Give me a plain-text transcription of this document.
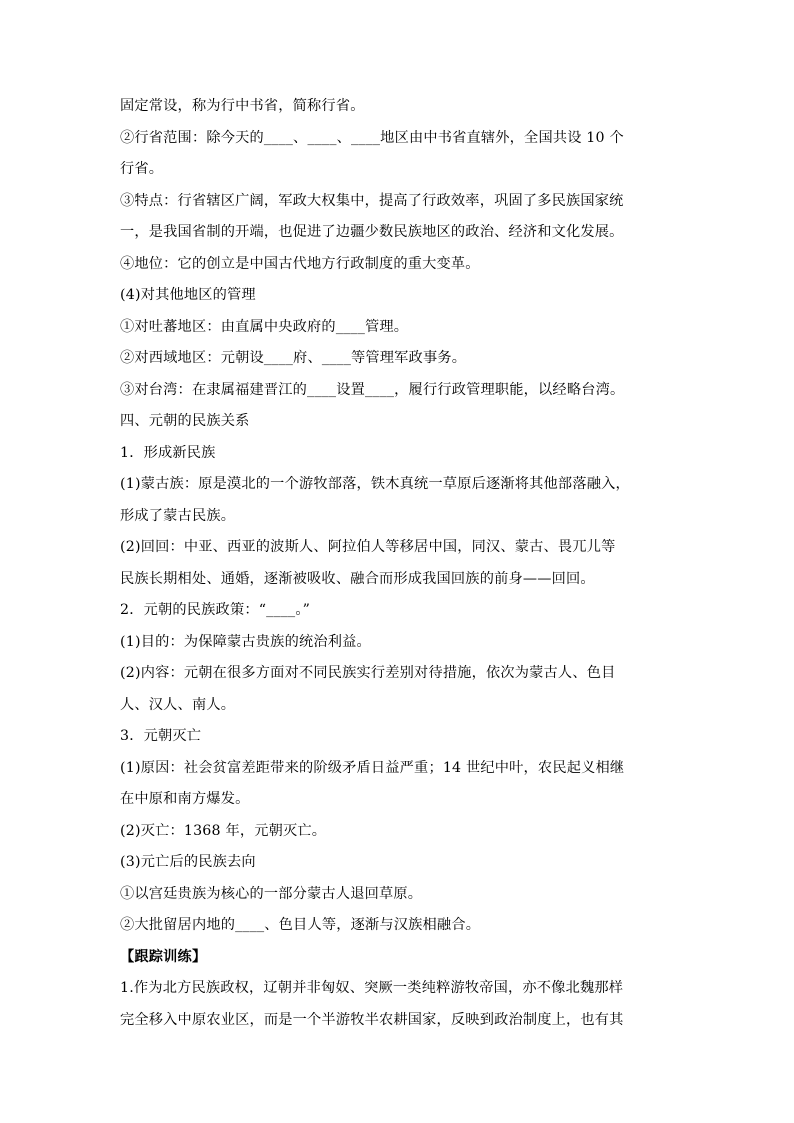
固定常设，称为行中书省，简称行省。
②行省范围：除今天的____、____、____地区由中书省直辖外，全国共设 10 个
行省。
③特点：行省辖区广阔，军政大权集中，提高了行政效率，巩固了多民族国家统
一，是我国省制的开端，也促进了边疆少数民族地区的政治、经济和文化发展。
④地位：它的创立是中国古代地方行政制度的重大变革。
(4)对其他地区的管理
①对吐蕃地区：由直属中央政府的____管理。
②对西域地区：元朝设____府、____等管理军政事务。
③对台湾：在隶属福建晋江的____设置____，履行行政管理职能，以经略台湾。
四、元朝的民族关系
1．形成新民族
(1)蒙古族：原是漠北的一个游牧部落，铁木真统一草原后逐渐将其他部落融入，
形成了蒙古民族。
(2)回回：中亚、西亚的波斯人、阿拉伯人等移居中国，同汉、蒙古、畏兀儿等
民族长期相处、通婚，逐渐被吸收、融合而形成我国回族的前身——回回。
2．元朝的民族政策：“____。”
(1)目的：为保障蒙古贵族的统治利益。
(2)内容：元朝在很多方面对不同民族实行差别对待措施，依次为蒙古人、色目
人、汉人、南人。
3．元朝灭亡
(1)原因：社会贫富差距带来的阶级矛盾日益严重；14 世纪中叶，农民起义相继
在中原和南方爆发。
(2)灭亡：1368 年，元朝灭亡。
(3)元亡后的民族去向
①以宫廷贵族为核心的一部分蒙古人退回草原。
②大批留居内地的____、色目人等，逐渐与汉族相融合。
【跟踪训练】
1.作为北方民族政权，辽朝并非匈奴、突厥一类纯粹游牧帝国，亦不像北魏那样
完全移入中原农业区，而是一个半游牧半农耕国家，反映到政治制度上，也有其
